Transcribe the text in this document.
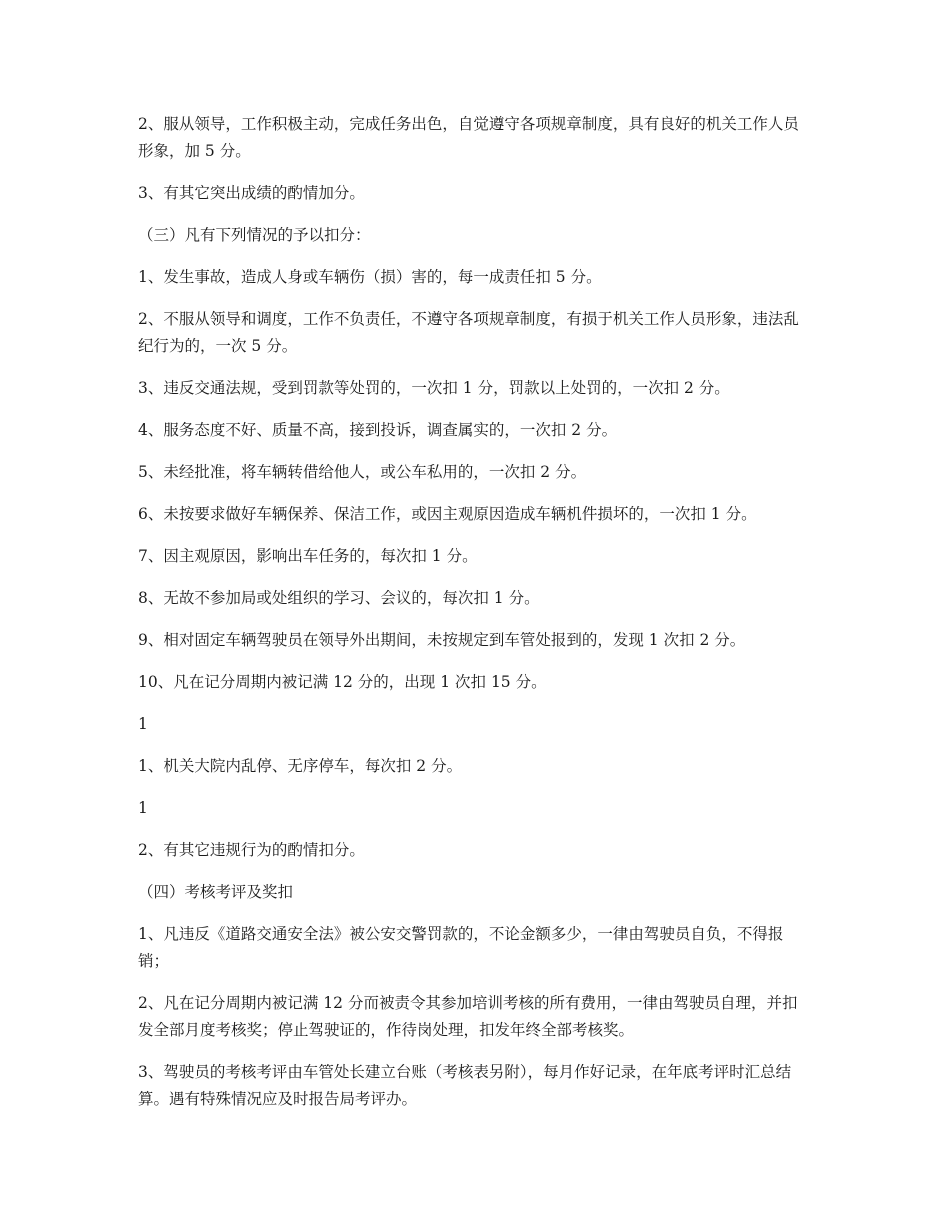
2、服从领导，工作积极主动，完成任务出色，自觉遵守各项规章制度，具有良好的机关工作人员形象，加 5 分。

3、有其它突出成绩的酌情加分。

（三）凡有下列情况的予以扣分：

1、发生事故，造成人身或车辆伤（损）害的，每一成责任扣 5 分。

2、不服从领导和调度，工作不负责任，不遵守各项规章制度，有损于机关工作人员形象，违法乱纪行为的，一次 5 分。

3、违反交通法规，受到罚款等处罚的，一次扣 1 分，罚款以上处罚的，一次扣 2 分。

4、服务态度不好、质量不高，接到投诉，调查属实的，一次扣 2 分。

5、未经批准，将车辆转借给他人，或公车私用的，一次扣 2 分。

6、未按要求做好车辆保养、保洁工作，或因主观原因造成车辆机件损坏的，一次扣 1 分。

7、因主观原因，影响出车任务的，每次扣 1 分。

8、无故不参加局或处组织的学习、会议的，每次扣 1 分。

9、相对固定车辆驾驶员在领导外出期间，未按规定到车管处报到的，发现 1 次扣 2 分。

10、凡在记分周期内被记满 12 分的，出现 1 次扣 15 分。

1

1、机关大院内乱停、无序停车，每次扣 2 分。

1

2、有其它违规行为的酌情扣分。

（四）考核考评及奖扣

1、凡违反《道路交通安全法》被公安交警罚款的，不论金额多少，一律由驾驶员自负，不得报销；

2、凡在记分周期内被记满 12 分而被责令其参加培训考核的所有费用，一律由驾驶员自理，并扣发全部月度考核奖；停止驾驶证的，作待岗处理，扣发年终全部考核奖。

3、驾驶员的考核考评由车管处长建立台账（考核表另附），每月作好记录，在年底考评时汇总结算。遇有特殊情况应及时报告局考评办。
